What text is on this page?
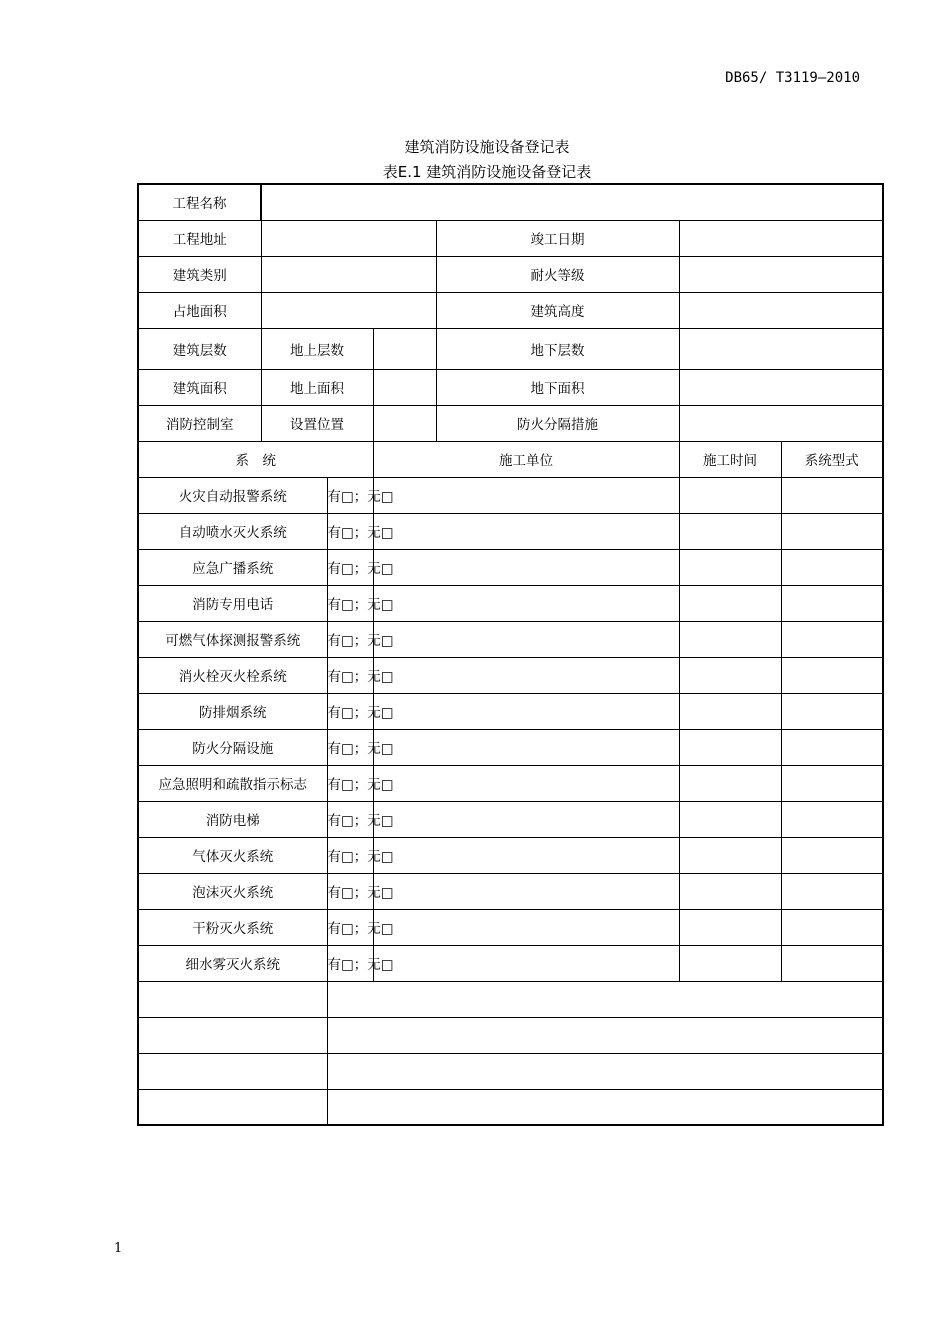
DB65/ T3119—2010
建筑消防设施设备登记表
表E.1 建筑消防设施设备登记表
工程名称						
工程地址				竣工日期		
建筑类别				耐火等级		
占地面积				建筑高度		
建筑层数	地上层数			地下层数		
建筑面积	地上面积			地下面积		
消防控制室	设置位置			防火分隔措施		
系　统			施工单位		施工时间	系统型式
火灾自动报警系统		有□；无□				
自动喷水灭火系统		有□；无□				
应急广播系统		有□；无□				
消防专用电话		有□；无□				
可燃气体探测报警系统		有□；无□				
消火栓灭火栓系统		有□；无□				
防排烟系统		有□；无□				
防火分隔设施		有□；无□				
应急照明和疏散指示标志		有□；无□				
消防电梯		有□；无□				
气体灭火系统		有□；无□				
泡沫灭火系统		有□；无□				
干粉灭火系统		有□；无□				
细水雾灭火系统		有□；无□				

1
